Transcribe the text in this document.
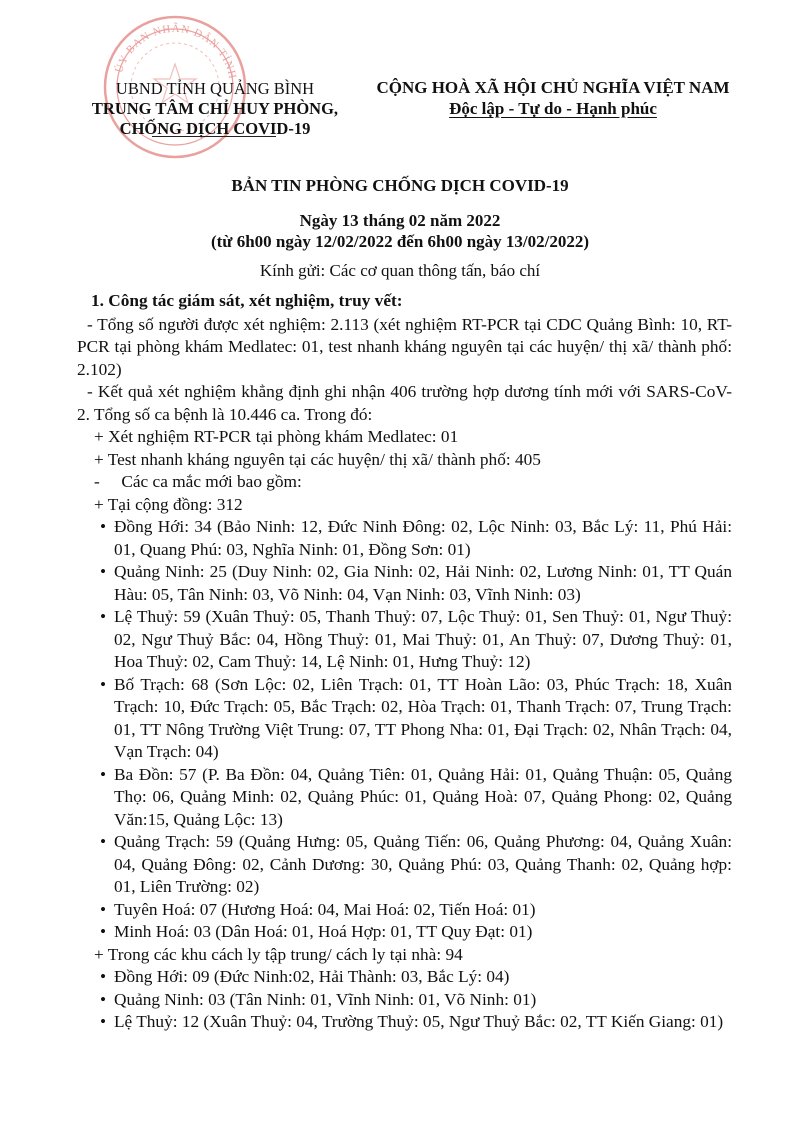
ỦY BAN NHÂN DÂN TỈNH
UBND TỈNH QUẢNG BÌNH
TRUNG TÂM CHỈ HUY PHÒNG,
CHỐNG DỊCH COVID-19
CỘNG HOÀ XÃ HỘI CHỦ NGHĨA VIỆT NAM
Độc lập - Tự do - Hạnh phúc
BẢN TIN PHÒNG CHỐNG DỊCH COVID-19
Ngày 13 tháng 02 năm 2022
(từ 6h00 ngày 12/02/2022 đến 6h00 ngày 13/02/2022)
Kính gửi: Các cơ quan thông tấn, báo chí

1. Công tác giám sát, xét nghiệm, truy vết:

- Tổng số người được xét nghiệm: 2.113 (xét nghiệm RT-PCR tại CDC Quảng Bình: 10, RT-PCR tại phòng khám Medlatec: 01, test nhanh kháng nguyên tại các huyện/ thị xã/ thành phố: 2.102)

- Kết quả xét nghiệm khẳng định ghi nhận 406 trường hợp dương tính mới với SARS-CoV-2. Tổng số ca bệnh là 10.446 ca. Trong đó:

+ Xét nghiệm RT-PCR tại phòng khám Medlatec: 01

+ Test nhanh kháng nguyên tại các huyện/ thị xã/ thành phố: 405

-     Các ca mắc mới bao gồm:

+ Tại cộng đồng: 312

• Đồng Hới: 34 (Bảo Ninh: 12, Đức Ninh Đông: 02, Lộc Ninh: 03, Bắc Lý: 11, Phú Hải: 01, Quang Phú: 03, Nghĩa Ninh: 01, Đồng Sơn: 01)

• Quảng Ninh: 25 (Duy Ninh: 02, Gia Ninh: 02, Hải Ninh: 02, Lương Ninh: 01, TT Quán Hàu: 05, Tân Ninh: 03, Võ Ninh: 04, Vạn Ninh: 03, Vĩnh Ninh: 03)

• Lệ Thuỷ: 59 (Xuân Thuỷ: 05, Thanh Thuỷ: 07, Lộc Thuỷ: 01, Sen Thuỷ: 01, Ngư Thuỷ: 02, Ngư Thuỷ Bắc: 04, Hồng Thuỷ: 01, Mai Thuỷ: 01, An Thuỷ: 07, Dương Thuỷ: 01, Hoa Thuỷ: 02, Cam Thuỷ: 14, Lệ Ninh: 01, Hưng Thuỷ: 12)

• Bố Trạch: 68 (Sơn Lộc: 02, Liên Trạch: 01, TT Hoàn Lão: 03, Phúc Trạch: 18, Xuân Trạch: 10, Đức Trạch: 05, Bắc Trạch: 02, Hòa Trạch: 01, Thanh Trạch: 07, Trung Trạch: 01, TT Nông Trường Việt Trung: 07, TT Phong Nha: 01, Đại Trạch: 02, Nhân Trạch: 04, Vạn Trạch: 04)

• Ba Đồn: 57 (P. Ba Đồn: 04, Quảng Tiên: 01, Quảng Hải: 01, Quảng Thuận: 05, Quảng Thọ: 06, Quảng Minh: 02, Quảng Phúc: 01, Quảng Hoà: 07, Quảng Phong: 02, Quảng Văn:15, Quảng Lộc: 13)

• Quảng Trạch: 59 (Quảng Hưng: 05, Quảng Tiến: 06, Quảng Phương: 04, Quảng Xuân: 04, Quảng Đông: 02, Cảnh Dương: 30, Quảng Phú: 03, Quảng Thanh: 02, Quảng hợp: 01, Liên Trường: 02)

• Tuyên Hoá: 07 (Hương Hoá: 04, Mai Hoá: 02, Tiến Hoá: 01)

• Minh Hoá: 03 (Dân Hoá: 01, Hoá Hợp: 01, TT Quy Đạt: 01)

+ Trong các khu cách ly tập trung/ cách ly tại nhà: 94

• Đồng Hới: 09 (Đức Ninh:02, Hải Thành: 03, Bắc Lý: 04)

• Quảng Ninh: 03 (Tân Ninh: 01, Vĩnh Ninh: 01, Võ Ninh: 01)

• Lệ Thuỷ: 12 (Xuân Thuỷ: 04, Trường Thuỷ: 05, Ngư Thuỷ Bắc: 02, TT Kiến Giang: 01)
